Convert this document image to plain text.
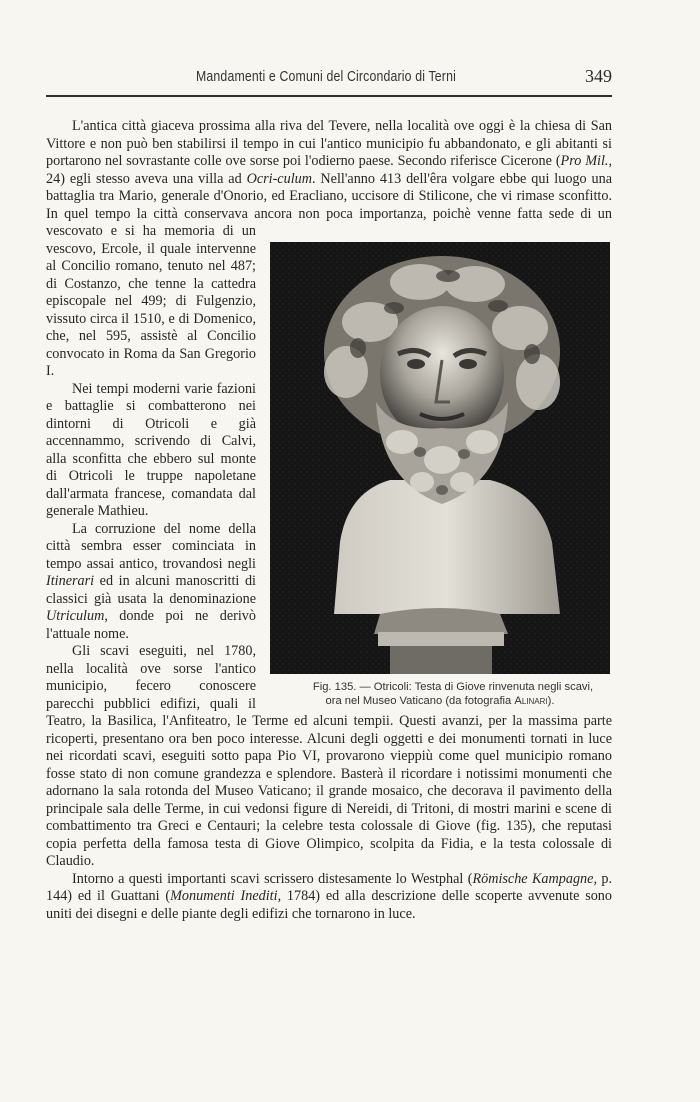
Mandamenti e Comuni del Circondario di Terni	349

Fig. 135. — Otricoli: Testa di Giove rinvenuta negli scavi,
ora nel Museo Vaticano (da fotografia Alinari).
L'antica città giaceva prossima alla riva del Tevere, nella località ove oggi è la chiesa di San Vittore e non può ben stabilirsi il tempo in cui l'antico municipio fu abbandonato, e gli abitanti si portarono nel sovrastante colle ove sorse poi l'odierno paese. Secondo riferisce Cicerone (Pro Mil., 24) egli stesso aveva una villa ad Ocri-culum. Nell'anno 413 dell'êra volgare ebbe qui luogo una battaglia tra Mario, generale d'Onorio, ed Eracliano, uccisore di Stilicone, che vi rimase sconfitto. In quel tempo la città conservava ancora non poca importanza, poichè venne fatta sede di un vescovato e si ha memoria di un vescovo, Ercole, il quale intervenne al Concilio romano, tenuto nel 487; di Costanzo, che tenne la cattedra episcopale nel 499; di Fulgenzio, vissuto circa il 1510, e di Domenico, che, nel 595, assistè al Concilio convocato in Roma da San Gregorio I.

Nei tempi moderni varie fazioni e battaglie si combatterono nei dintorni di Otricoli e già accennammo, scrivendo di Calvi, alla sconfitta che ebbero sul monte di Otricoli le truppe napoletane dall'armata francese, comandata dal generale Mathieu.

La corruzione del nome della città sembra esser cominciata in tempo assai antico, trovandosi negli Itinerari ed in alcuni manoscritti di classici già usata la denominazione Utriculum, donde poi ne derivò l'attuale nome.

Gli scavi eseguiti, nel 1780, nella località ove sorse l'antico municipio, fecero conoscere parecchi pubblici edifizi, quali il Teatro, la Basilica, l'Anfiteatro, le Terme ed alcuni tempii. Questi avanzi, per la massima parte ricoperti, presentano ora ben poco interesse. Alcuni degli oggetti e dei monumenti tornati in luce nei ricordati scavi, eseguiti sotto papa Pio VI, provarono vieppiù come quel municipio romano fosse stato di non comune grandezza e splendore. Basterà il ricordare i notissimi monumenti che adornano la sala rotonda del Museo Vaticano; il grande mosaico, che decorava il pavimento della principale sala delle Terme, in cui vedonsi figure di Nereidi, di Tritoni, di mostri marini e scene di combattimento tra Greci e Centauri; la celebre testa colossale di Giove (fig. 135), che reputasi copia perfetta della famosa testa di Giove Olimpico, scolpita da Fidia, e la testa colossale di Claudio.

Intorno a questi importanti scavi scrissero distesamente lo Westphal (Römische Kampagne, p. 144) ed il Guattani (Monumenti Inediti, 1784) ed alla descrizione delle scoperte avvenute sono uniti dei disegni e delle piante degli edifizi che tornarono in luce.
